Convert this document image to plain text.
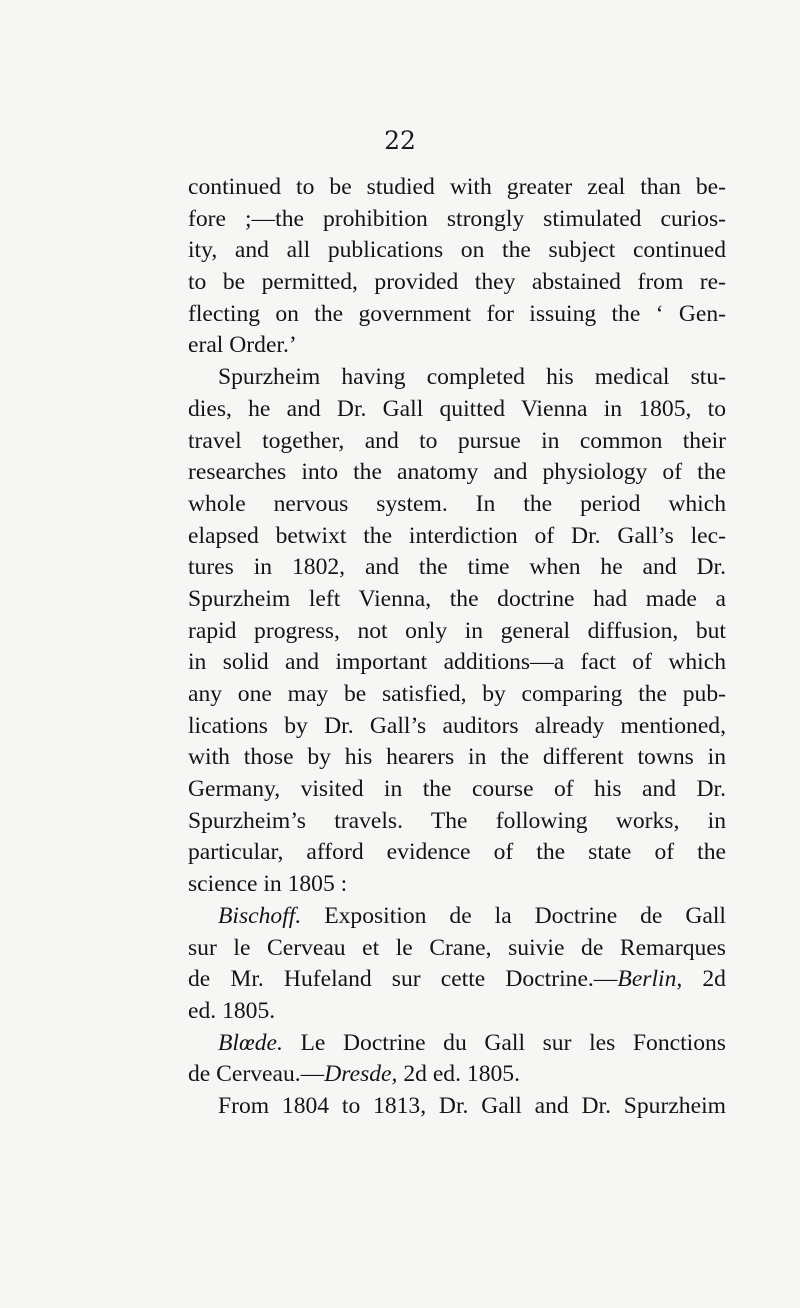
22
continued to be studied with greater zeal than be-
fore ;—the prohibition strongly stimulated curios-
ity, and all publications on the subject continued
to be permitted, provided they abstained from re-
flecting on the government for issuing the ‘ Gen-
eral Order.’
Spurzheim having completed his medical stu-
dies, he and Dr. Gall quitted Vienna in 1805, to
travel together, and to pursue in common their
researches into the anatomy and physiology of the
whole nervous system. In the period which
elapsed betwixt the interdiction of Dr. Gall’s lec-
tures in 1802, and the time when he and Dr.
Spurzheim left Vienna, the doctrine had made a
rapid progress, not only in general diffusion, but
in solid and important additions—a fact of which
any one may be satisfied, by comparing the pub-
lications by Dr. Gall’s auditors already mentioned,
with those by his hearers in the different towns in
Germany, visited in the course of his and Dr.
Spurzheim’s travels. The following works, in
particular, afford evidence of the state of the
science in 1805 :
Bischoff. Exposition de la Doctrine de Gall
sur le Cerveau et le Crane, suivie de Remarques
de Mr. Hufeland sur cette Doctrine.—Berlin, 2d
ed. 1805.
Blœde. Le Doctrine du Gall sur les Fonctions
de Cerveau.—Dresde, 2d ed. 1805.
From 1804 to 1813, Dr. Gall and Dr. Spurzheim
